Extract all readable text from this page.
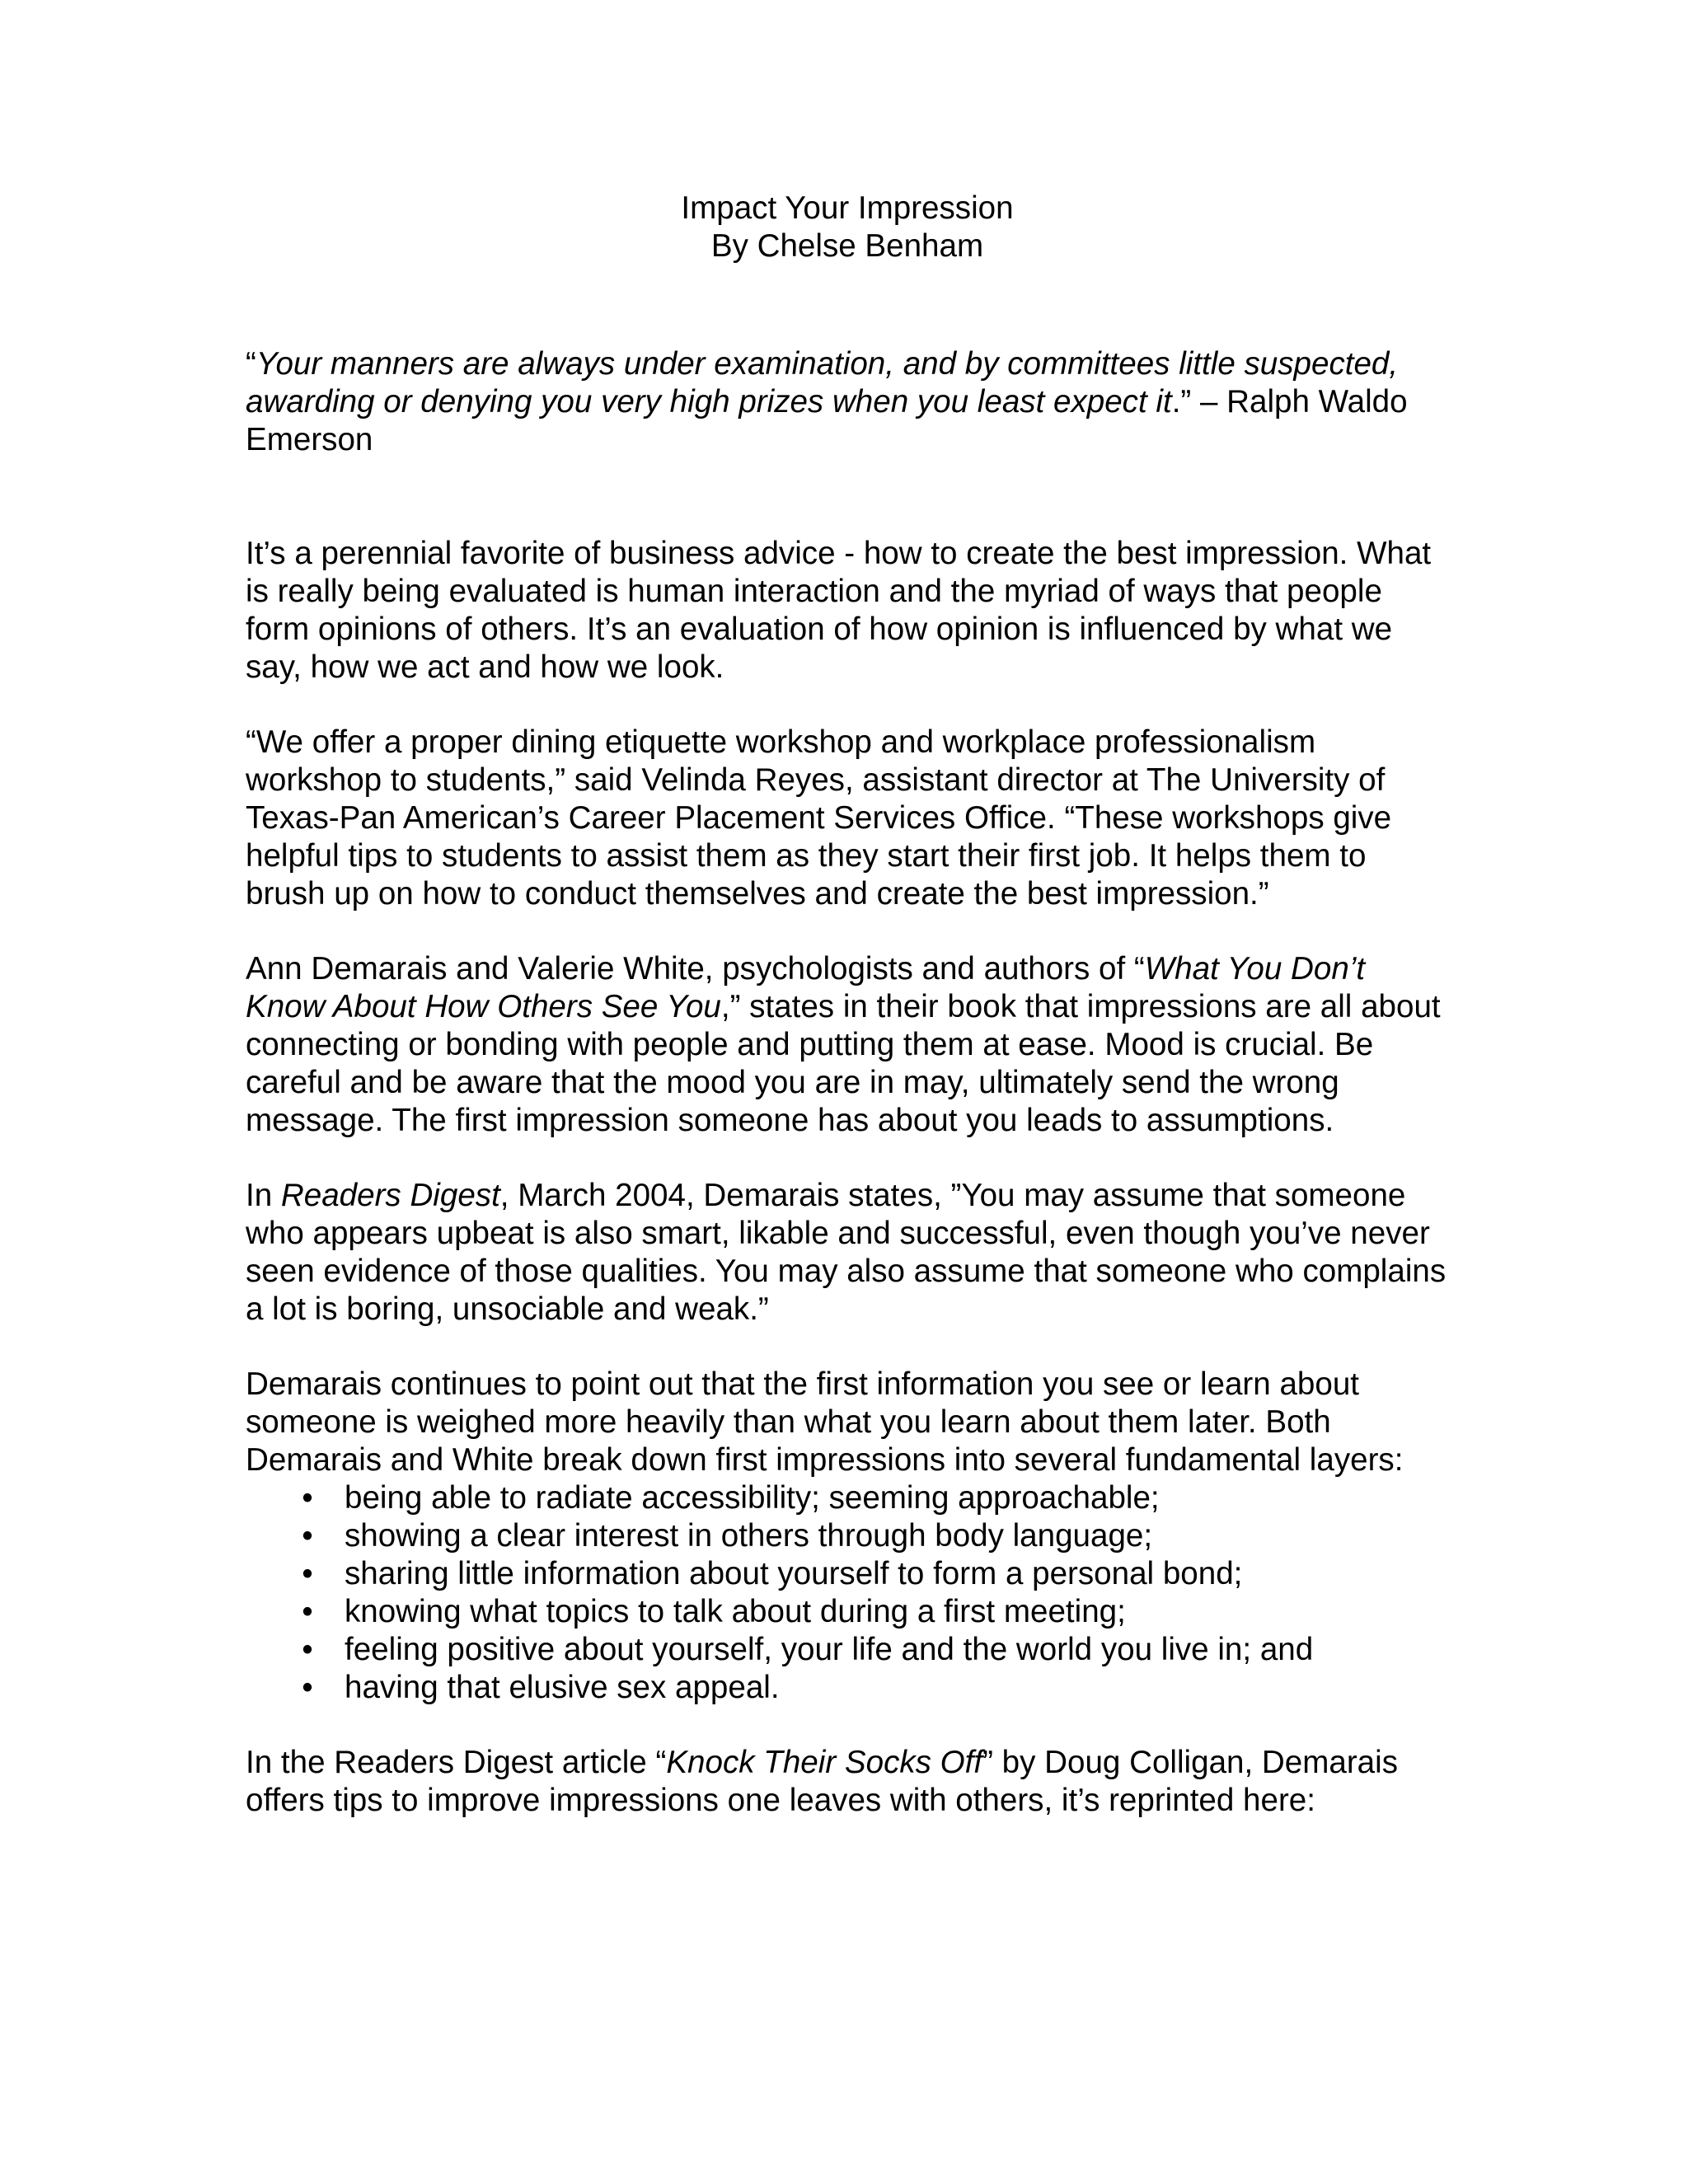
Impact Your Impression
By Chelse Benham

“Your manners are always under examination, and by committees little suspected, awarding or denying you very high prizes when you least expect it.” – Ralph Waldo Emerson

It’s a perennial favorite of business advice - how to create the best impression. What is really being evaluated is human interaction and the myriad of ways that people form opinions of others. It’s an evaluation of how opinion is influenced by what we say, how we act and how we look.

“We offer a proper dining etiquette workshop and workplace professionalism workshop to students,” said Velinda Reyes, assistant director at The University of Texas-Pan American’s Career Placement Services Office. “These workshops give helpful tips to students to assist them as they start their first job. It helps them to brush up on how to conduct themselves and create the best impression.”

Ann Demarais and Valerie White, psychologists and authors of “What You Don’t Know About How Others See You,” states in their book that impressions are all about connecting or bonding with people and putting them at ease. Mood is crucial. Be careful and be aware that the mood you are in may, ultimately send the wrong message. The first impression someone has about you leads to assumptions.

In Readers Digest, March 2004, Demarais states, ”You may assume that someone who appears upbeat is also smart, likable and successful, even though you’ve never seen evidence of those qualities. You may also assume that someone who complains a lot is boring, unsociable and weak.”

Demarais continues to point out that the first information you see or learn about someone is weighed more heavily than what you learn about them later. Both Demarais and White break down first impressions into several fundamental layers:

• being able to radiate accessibility; seeming approachable;
• showing a clear interest in others through body language;
• sharing little information about yourself to form a personal bond;
• knowing what topics to talk about during a first meeting;
• feeling positive about yourself, your life and the world you live in; and
• having that elusive sex appeal.

In the Readers Digest article “Knock Their Socks Off” by Doug Colligan, Demarais offers tips to improve impressions one leaves with others, it’s reprinted here:
